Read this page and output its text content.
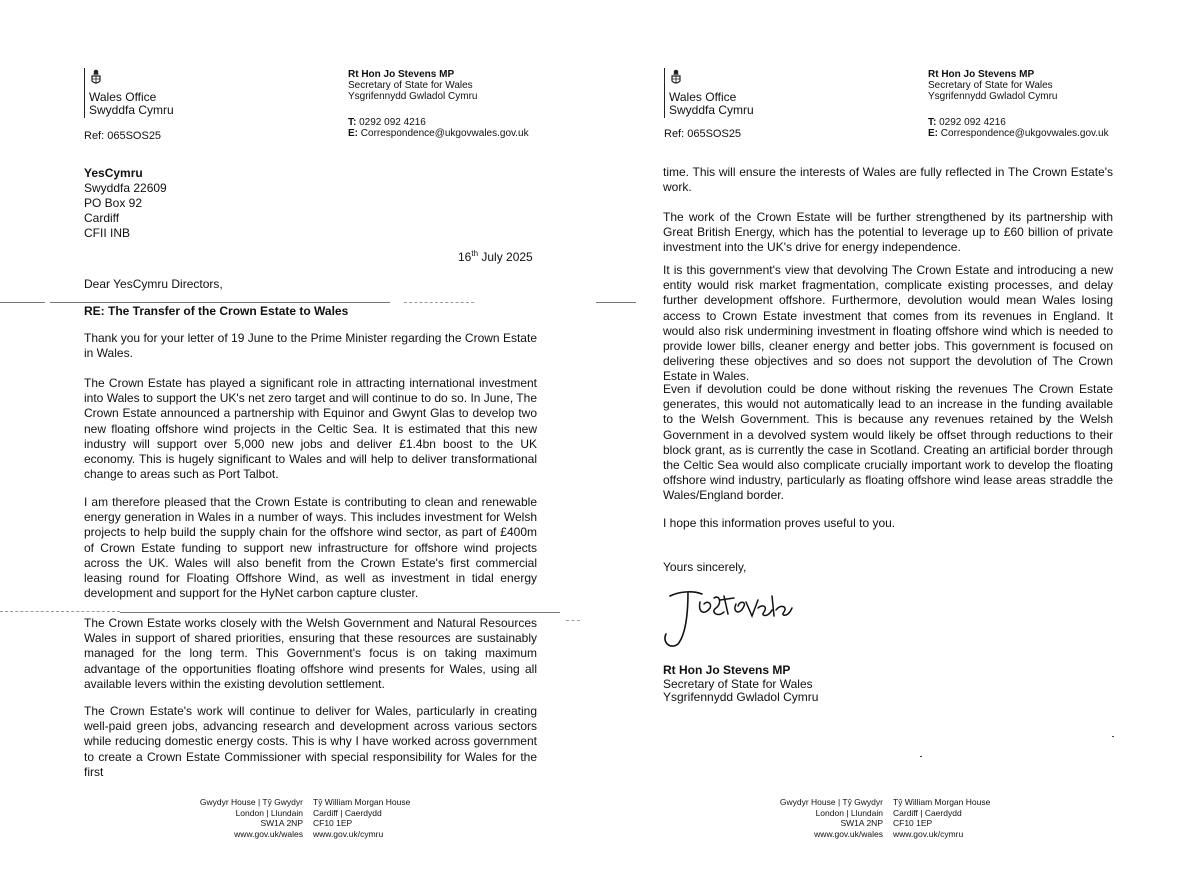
Wales Office
Swyddfa Cymru
Ref: 065SOS25
Rt Hon Jo Stevens MP
Secretary of State for Wales
Ysgrifennydd Gwladol Cymru
T: 0292 092 4216
E: Correspondence@ukgovwales.gov.uk
YesCymru
Swyddfa 22609
PO Box 92
Cardiff
CFII INB
16th July 2025
Dear YesCymru Directors,
RE: The Transfer of the Crown Estate to Wales

Thank you for your letter of 19 June to the Prime Minister regarding the Crown Estate in Wales.

The Crown Estate has played a significant role in attracting international investment into Wales to support the UK's net zero target and will continue to do so. In June, The Crown Estate announced a partnership with Equinor and Gwynt Glas to develop two new floating offshore wind projects in the Celtic Sea. It is estimated that this new industry will support over 5,000 new jobs and deliver £1.4bn boost to the UK economy. This is hugely significant to Wales and will help to deliver transformational change to areas such as Port Talbot.

I am therefore pleased that the Crown Estate is contributing to clean and renewable energy generation in Wales in a number of ways. This includes investment for Welsh projects to help build the supply chain for the offshore wind sector, as part of £400m of Crown Estate funding to support new infrastructure for offshore wind projects across the UK. Wales will also benefit from the Crown Estate's first commercial leasing round for Floating Offshore Wind, as well as investment in tidal energy development and support for the HyNet carbon capture cluster.

The Crown Estate works closely with the Welsh Government and Natural Resources Wales in support of shared priorities, ensuring that these resources are sustainably managed for the long term. This Government's focus is on taking maximum advantage of the opportunities floating offshore wind presents for Wales, using all available levers within the existing devolution settlement.

The Crown Estate's work will continue to deliver for Wales, particularly in creating well-paid green jobs, advancing research and development across various sectors while reducing domestic energy costs. This is why I have worked across government to create a Crown Estate Commissioner with special responsibility for Wales for the first

Gwydyr House | Tŷ Gwydyr
London | Llundain
SW1A 2NP
www.gov.uk/wales
Tŷ William Morgan House
Cardiff | Caerdydd
CF10 1EP
www.gov.uk/cymru
Wales Office
Swyddfa Cymru
Ref: 065SOS25
Rt Hon Jo Stevens MP
Secretary of State for Wales
Ysgrifennydd Gwladol Cymru
T: 0292 092 4216
E: Correspondence@ukgovwales.gov.uk

time. This will ensure the interests of Wales are fully reflected in The Crown Estate's work.

The work of the Crown Estate will be further strengthened by its partnership with Great British Energy, which has the potential to leverage up to £60 billion of private investment into the UK's drive for energy independence.

It is this government's view that devolving The Crown Estate and introducing a new entity would risk market fragmentation, complicate existing processes, and delay further development offshore. Furthermore, devolution would mean Wales losing access to Crown Estate investment that comes from its revenues in England. It would also risk undermining investment in floating offshore wind which is needed to provide lower bills, cleaner energy and better jobs. This government is focused on delivering these objectives and so does not support the devolution of The Crown Estate in Wales.

Even if devolution could be done without risking the revenues The Crown Estate generates, this would not automatically lead to an increase in the funding available to the Welsh Government. This is because any revenues retained by the Welsh Government in a devolved system would likely be offset through reductions to their block grant, as is currently the case in Scotland. Creating an artificial border through the Celtic Sea would also complicate crucially important work to develop the floating offshore wind industry, particularly as floating offshore wind lease areas straddle the Wales/England border.

I hope this information proves useful to you.

Yours sincerely,
Rt Hon Jo Stevens MP
Secretary of State for Wales
Ysgrifennydd Gwladol Cymru
Gwydyr House | Tŷ Gwydyr
London | Llundain
SW1A 2NP
www.gov.uk/wales
Tŷ William Morgan House
Cardiff | Caerdydd
CF10 1EP
www.gov.uk/cymru
